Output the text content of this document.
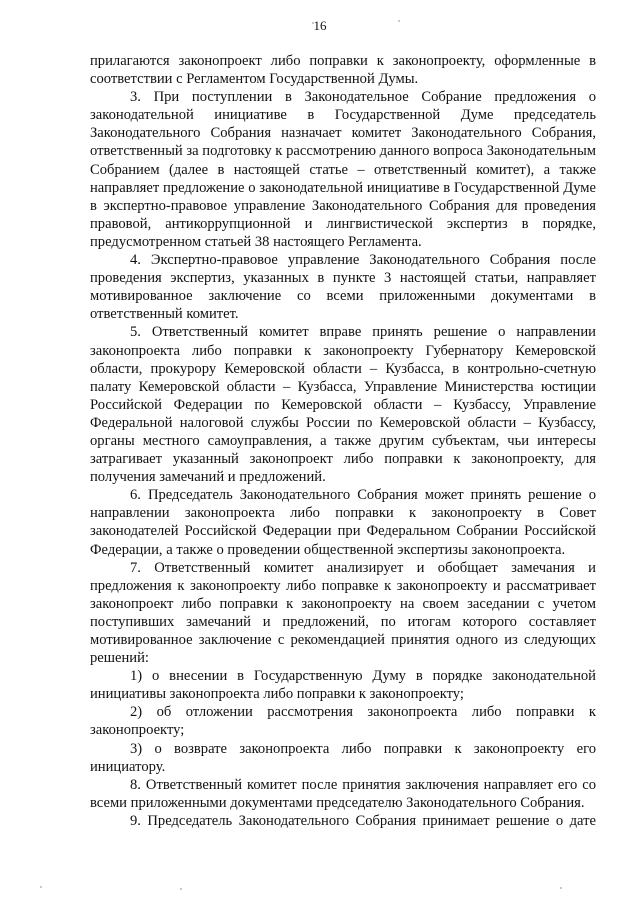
16

прилагаются законопроект либо поправки к законопроекту, оформленные в соответствии с Регламентом Государственной Думы.

3. При поступлении в Законодательное Собрание предложения о законодательной инициативе в Государственной Думе председатель Законодательного Собрания назначает комитет Законодательного Собрания, ответственный за подготовку к рассмотрению данного вопроса Законодательным Собранием (далее в настоящей статье – ответственный комитет), а также направляет предложение о законодательной инициативе в Государственной Думе в экспертно-правовое управление Законодательного Собрания для проведения правовой, антикоррупционной и лингвистической экспертиз в порядке, предусмотренном статьей 38 настоящего Регламента.

4. Экспертно-правовое управление Законодательного Собрания после проведения экспертиз, указанных в пункте 3 настоящей статьи, направляет мотивированное заключение со всеми приложенными документами в ответственный комитет.

5. Ответственный комитет вправе принять решение о направлении законопроекта либо поправки к законопроекту Губернатору Кемеровской области, прокурору Кемеровской области – Кузбасса, в контрольно-счетную палату Кемеровской области – Кузбасса, Управление Министерства юстиции Российской Федерации по Кемеровской области – Кузбассу, Управление Федеральной налоговой службы России по Кемеровской области – Кузбассу, органы местного самоуправления, а также другим субъектам, чьи интересы затрагивает указанный законопроект либо поправки к законопроекту, для получения замечаний и предложений.

6. Председатель Законодательного Собрания может принять решение о направлении законопроекта либо поправки к законопроекту в Совет законодателей Российской Федерации при Федеральном Собрании Российской Федерации, а также о проведении общественной экспертизы законопроекта.

7. Ответственный комитет анализирует и обобщает замечания и предложения к законопроекту либо поправке к законопроекту и рассматривает законопроект либо поправки к законопроекту на своем заседании с учетом поступивших замечаний и предложений, по итогам которого составляет мотивированное заключение с рекомендацией принятия одного из следующих решений:

1) о внесении в Государственную Думу в порядке законодательной инициативы законопроекта либо поправки к законопроекту;

2) об отложении рассмотрения законопроекта либо поправки к законопроекту;

3) о возврате законопроекта либо поправки к законопроекту его инициатору.

8. Ответственный комитет после принятия заключения направляет его со всеми приложенными документами председателю Законодательного Собрания.

9. Председатель Законодательного Собрания принимает решение о дате
